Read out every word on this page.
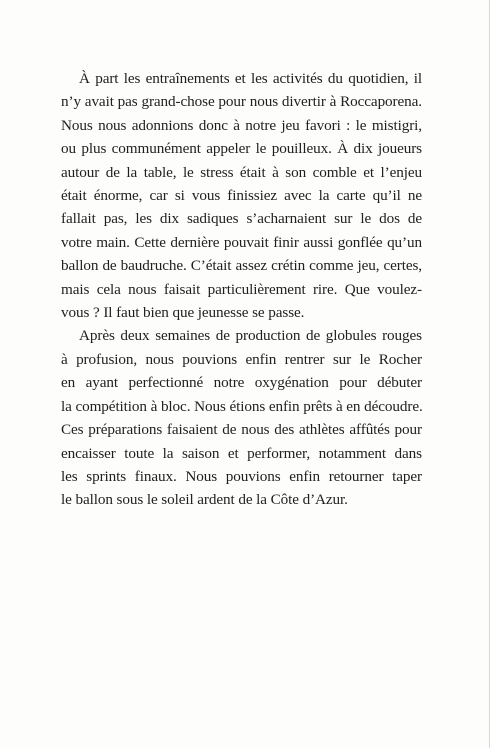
À part les entraînements et les activités du quotidien, il
n’y avait pas grand-chose pour nous divertir à Roccaporena.
Nous nous adonnions donc à notre jeu favori : le mistigri,
ou plus communément appeler le pouilleux. À dix joueurs
autour de la table, le stress était à son comble et l’enjeu
était énorme, car si vous finissiez avec la carte qu’il ne
fallait pas, les dix sadiques s’acharnaient sur le dos de
votre main. Cette dernière pouvait finir aussi gonflée qu’un
ballon de baudruche. C’était assez crétin comme jeu, certes,
mais cela nous faisait particulièrement rire. Que voulez-
vous ? Il faut bien que jeunesse se passe.

Après deux semaines de production de globules rouges
à profusion, nous pouvions enfin rentrer sur le Rocher
en ayant perfectionné notre oxygénation pour débuter
la compétition à bloc. Nous étions enfin prêts à en découdre.
Ces préparations faisaient de nous des athlètes affûtés pour
encaisser toute la saison et performer, notamment dans
les sprints finaux. Nous pouvions enfin retourner taper
le ballon sous le soleil ardent de la Côte d’Azur.
